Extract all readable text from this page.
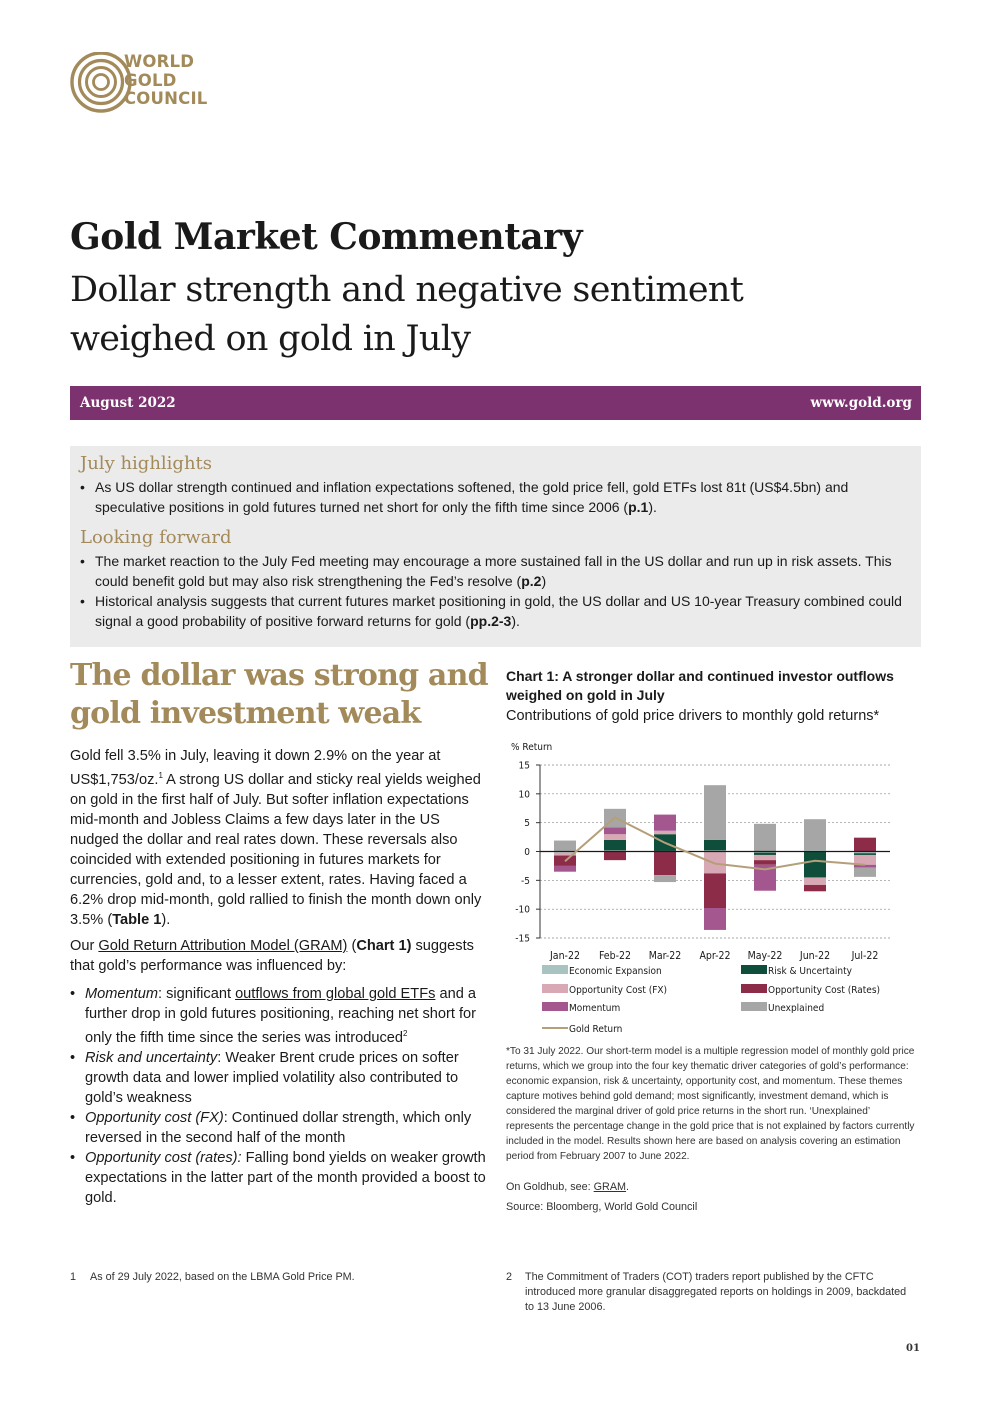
WORLD
GOLD
COUNCIL
Gold Market Commentary
Dollar strength and negative sentiment weighed on gold in July
August 2022	www.gold.org
July highlights
• As US dollar strength continued and inflation expectations softened, the gold price fell, gold ETFs lost 81t (US$4.5bn) and speculative positions in gold futures turned net short for only the fifth time since 2006 (p.1).
Looking forward
• The market reaction to the July Fed meeting may encourage a more sustained fall in the US dollar and run up in risk assets. This could benefit gold but may also risk strengthening the Fed’s resolve (p.2)
• Historical analysis suggests that current futures market positioning in gold, the US dollar and US 10-year Treasury combined could signal a good probability of positive forward returns for gold (pp.2-3).
The dollar was strong and gold investment weak
Gold fell 3.5% in July, leaving it down 2.9% on the year at US$1,753/oz.$^1$ A strong US dollar and sticky real yields weighed on gold in the first half of July. But softer inflation expectations mid-month and Jobless Claims a few days later in the US nudged the dollar and real rates down. These reversals also coincided with extended positioning in futures markets for currencies, gold and, to a lesser extent, rates. Having faced a 6.2% drop mid-month, gold rallied to finish the month down only 3.5% (Table 1).
Our Gold Return Attribution Model (GRAM) (Chart 1) suggests that gold’s performance was influenced by:
• Momentum: significant outflows from global gold ETFs and a further drop in gold futures positioning, reaching net short for only the fifth time since the series was introduced$^2$
• Risk and uncertainty: Weaker Brent crude prices on softer growth data and lower implied volatility also contributed to gold’s weakness
• Opportunity cost (FX): Continued dollar strength, which only reversed in the second half of the month
• Opportunity cost (rates): Falling bond yields on weaker growth expectations in the latter part of the month provided a boost to gold.
Chart 1: A stronger dollar and continued investor outflows weighed on gold in July
Contributions of gold price drivers to monthly gold returns*
% Return
15
10
5
0
-5
-10
-15
Jan-22 Feb-22 Mar-22 Apr-22 May-22 Jun-22 Jul-22
Economic Expansion	Risk & Uncertainty
Opportunity Cost (FX)	Opportunity Cost (Rates)
Momentum	Unexplained
Gold Return
*To 31 July 2022. Our short-term model is a multiple regression model of monthly gold price returns, which we group into the four key thematic driver categories of gold’s performance: economic expansion, risk & uncertainty, opportunity cost, and momentum. These themes capture motives behind gold demand; most significantly, investment demand, which is considered the marginal driver of gold price returns in the short run. ‘Unexplained’ represents the percentage change in the gold price that is not explained by factors currently included in the model. Results shown here are based on analysis covering an estimation period from February 2007 to June 2022.
On Goldhub, see: GRAM.
Source: Bloomberg, World Gold Council
1 As of 29 July 2022, based on the LBMA Gold Price PM.	2 The Commitment of Traders (COT) traders report published by the CFTC introduced more granular disaggregated reports on holdings in 2009, backdated to 13 June 2006.
01
